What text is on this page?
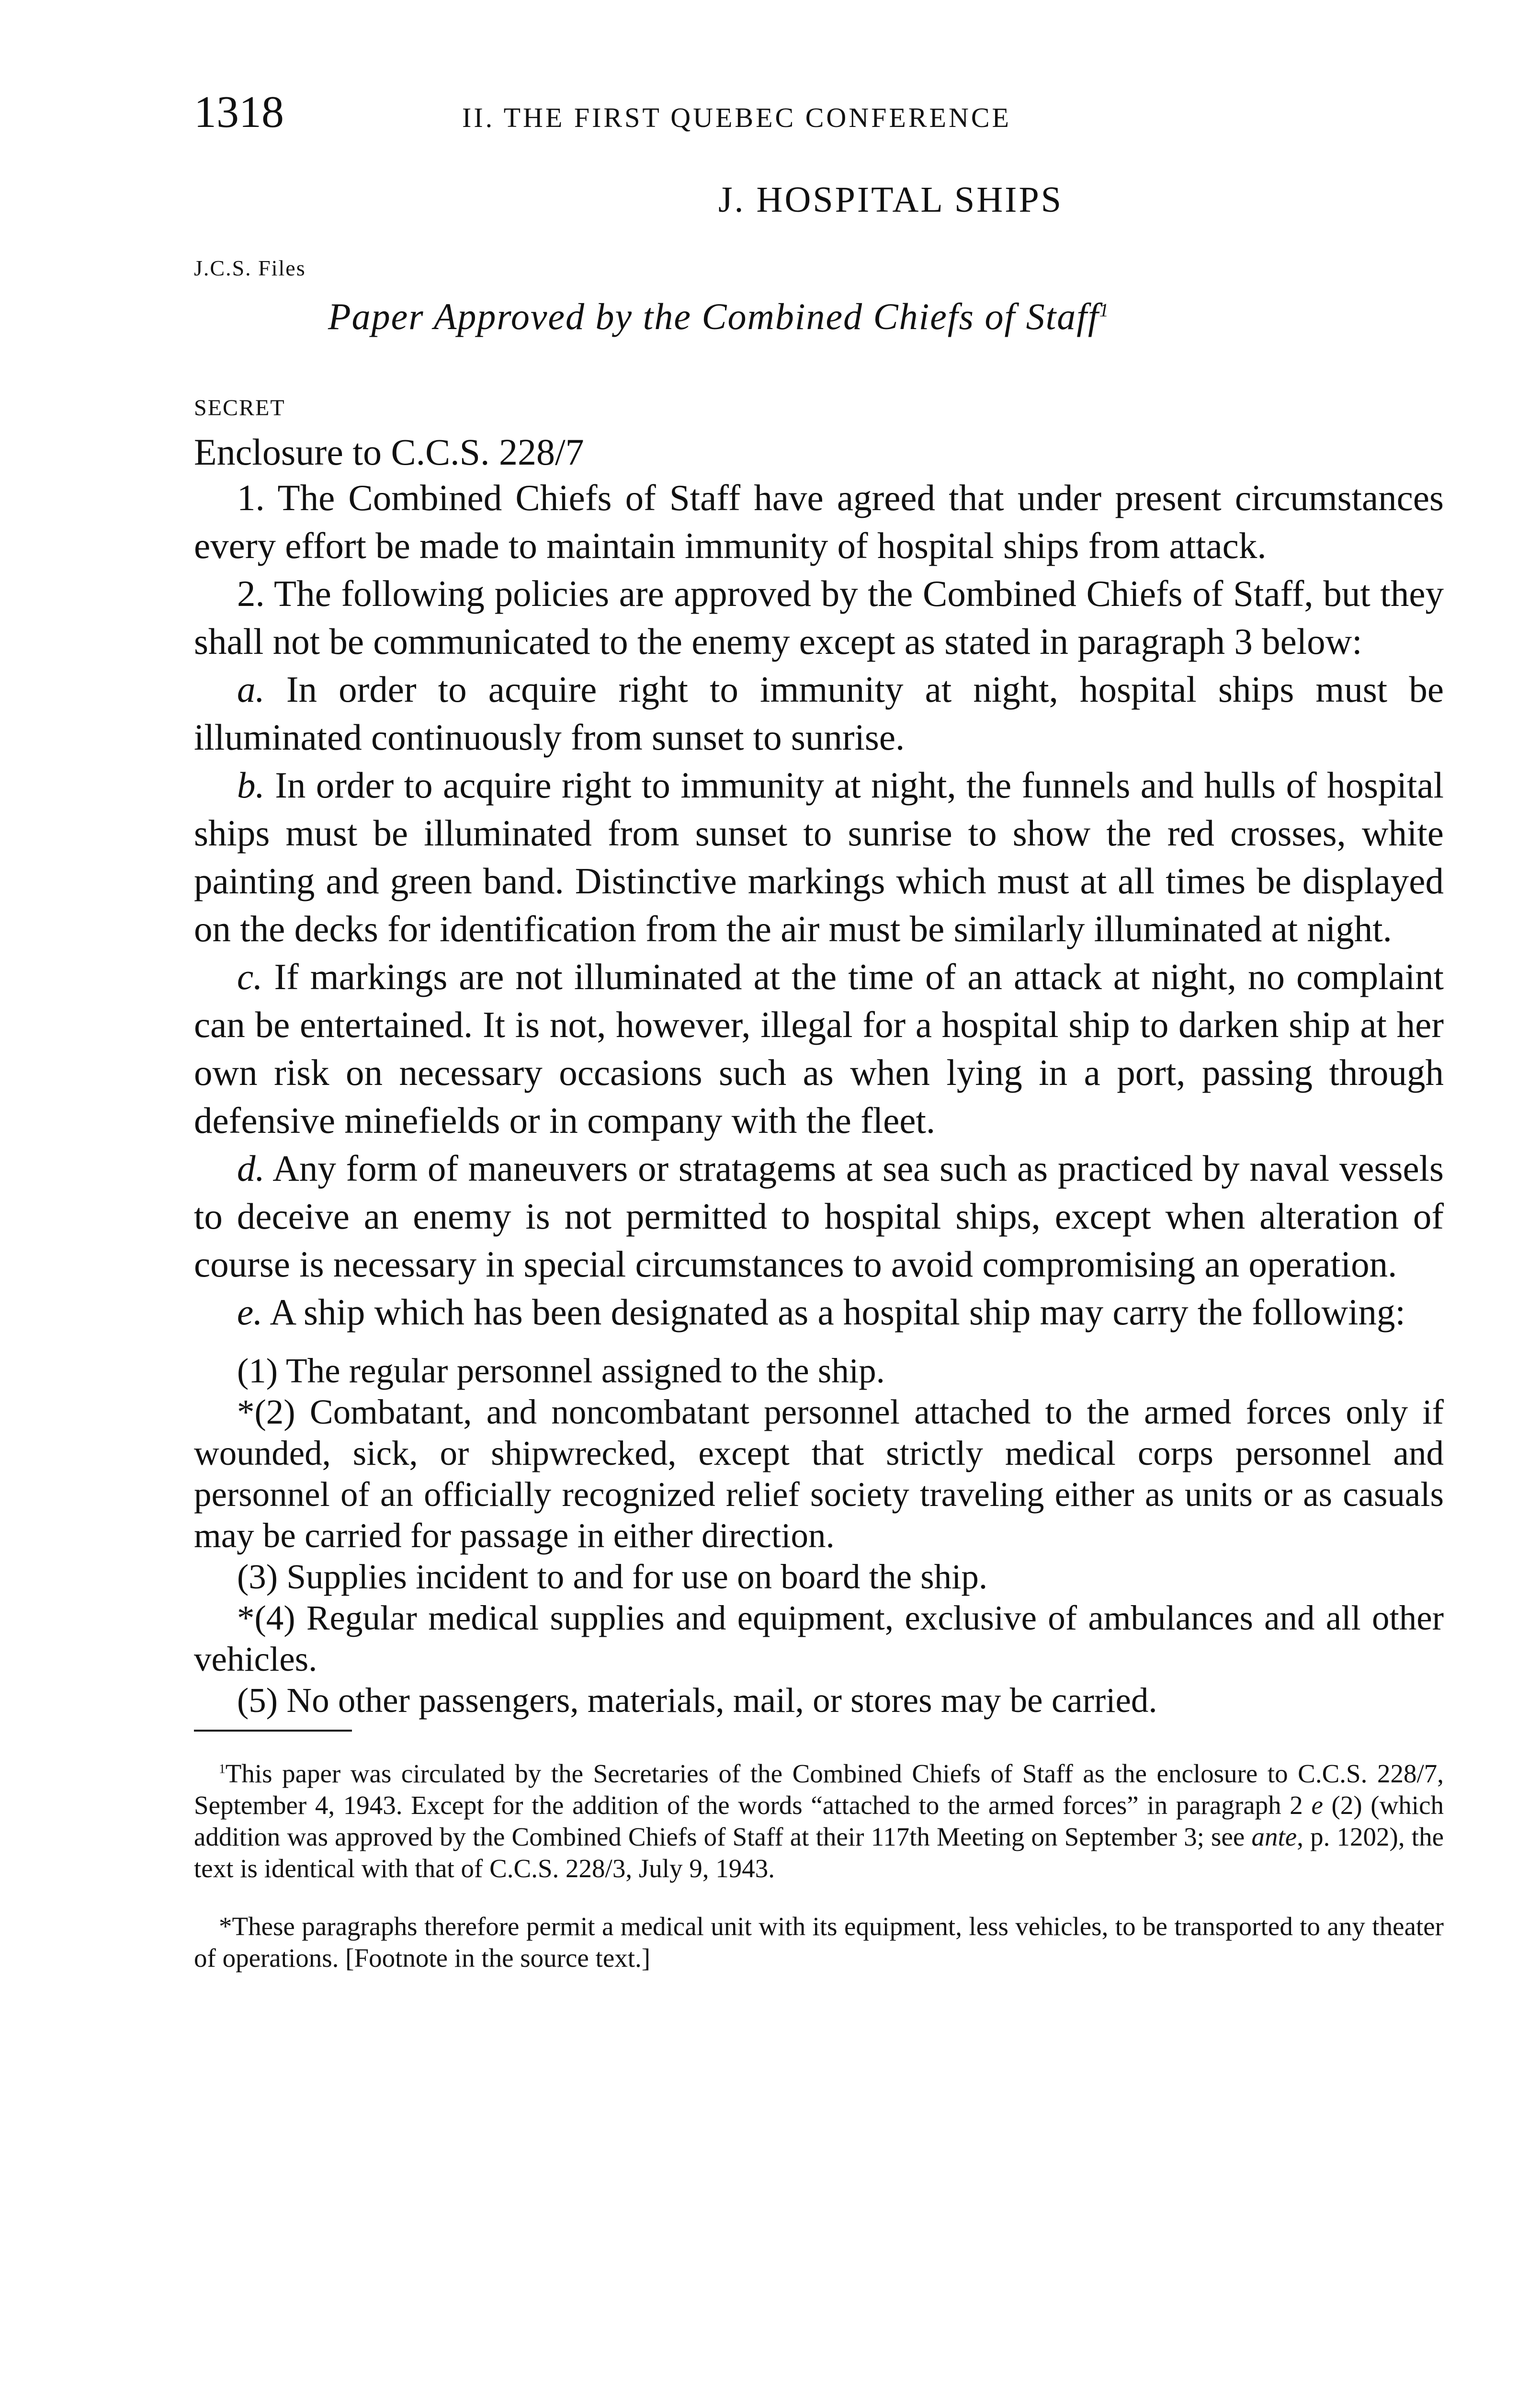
1318	II. THE FIRST QUEBEC CONFERENCE
J. HOSPITAL SHIPS
J.C.S. Files
Paper Approved by the Combined Chiefs of Staff$^1$
SECRET
Enclosure to C.C.S. 228/7

1. The Combined Chiefs of Staff have agreed that under present circumstances every effort be made to maintain immunity of hospital ships from attack.

2. The following policies are approved by the Combined Chiefs of Staff, but they shall not be communicated to the enemy except as stated in paragraph 3 below:

a. In order to acquire right to immunity at night, hospital ships must be illuminated continuously from sunset to sunrise.

b. In order to acquire right to immunity at night, the funnels and hulls of hospital ships must be illuminated from sunset to sunrise to show the red crosses, white painting and green band. Distinctive markings which must at all times be displayed on the decks for identification from the air must be similarly illuminated at night.

c. If markings are not illuminated at the time of an attack at night, no complaint can be entertained. It is not, however, illegal for a hospital ship to darken ship at her own risk on necessary occasions such as when lying in a port, passing through defensive minefields or in company with the fleet.

d. Any form of maneuvers or stratagems at sea such as practiced by naval vessels to deceive an enemy is not permitted to hospital ships, except when alteration of course is necessary in special circumstances to avoid compromising an operation.

e. A ship which has been designated as a hospital ship may carry the following:

(1) The regular personnel assigned to the ship.

*(2) Combatant, and noncombatant personnel attached to the armed forces only if wounded, sick, or shipwrecked, except that strictly medical corps personnel and personnel of an officially recognized relief society traveling either as units or as casuals may be carried for passage in either direction.

(3) Supplies incident to and for use on board the ship.

*(4) Regular medical supplies and equipment, exclusive of ambulances and all other vehicles.

(5) No other passengers, materials, mail, or stores may be carried.

$^1$This paper was circulated by the Secretaries of the Combined Chiefs of Staff as the enclosure to C.C.S. 228/7, September 4, 1943. Except for the addition of the words “attached to the armed forces” in paragraph 2 e (2) (which addition was approved by the Combined Chiefs of Staff at their 117th Meeting on September 3; see ante, p. 1202), the text is identical with that of C.C.S. 228/3, July 9, 1943.

*These paragraphs therefore permit a medical unit with its equipment, less vehicles, to be transported to any theater of operations. [Footnote in the source text.]
